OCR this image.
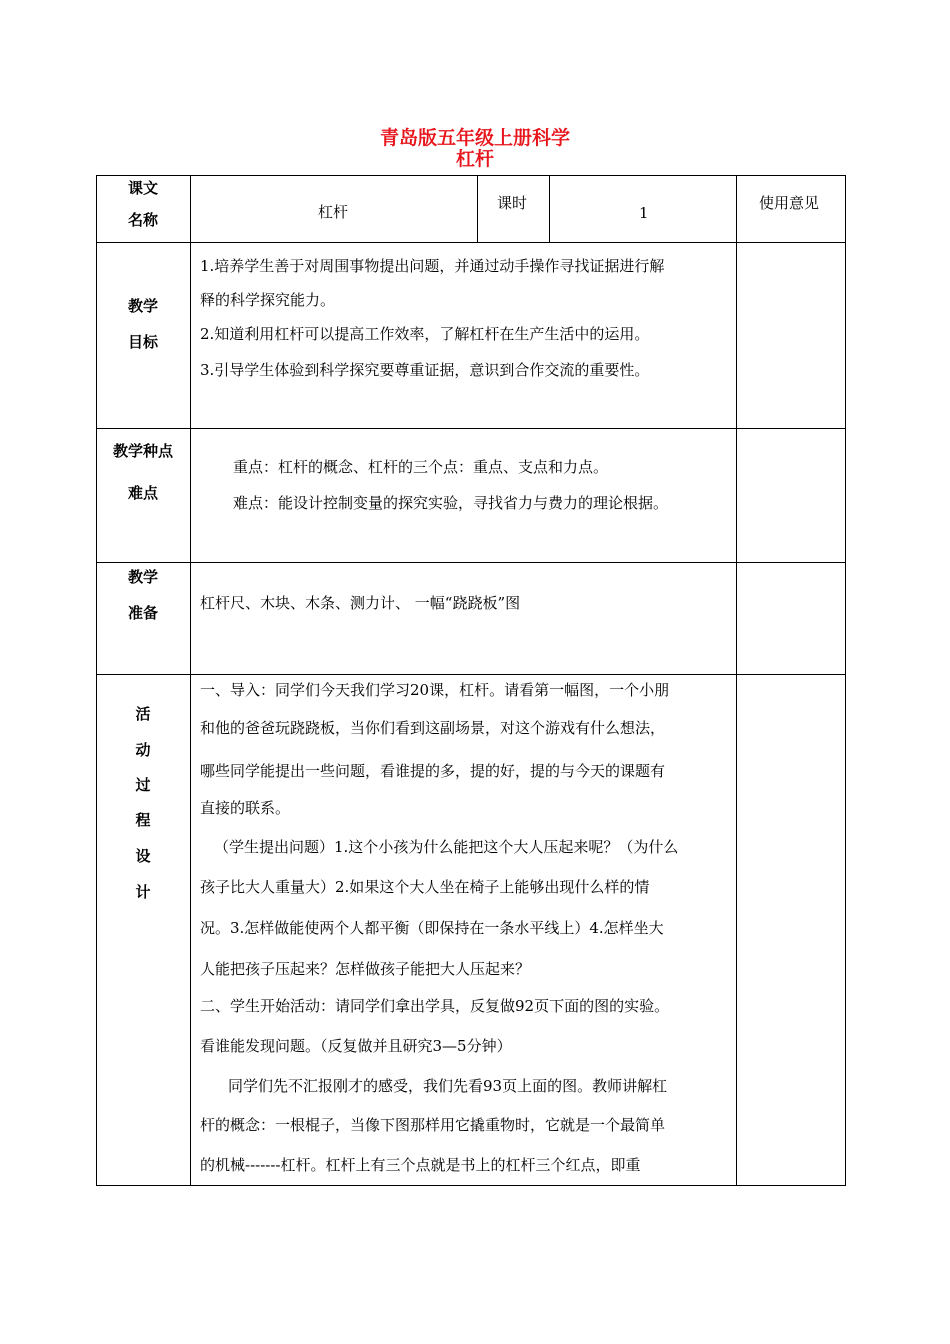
青岛版五年级上册科学
杠杆
课文
名称	杠杆	课时
1
使用意见
教学
目标
1.培养学生善于对周围事物提出问题，并通过动手操作寻找证据进行解
释的科学探究能力。
2.知道利用杠杆可以提高工作效率，了解杠杆在生产生活中的运用。
3.引导学生体验到科学探究要尊重证据，意识到合作交流的重要性。
教学种点
难点
重点：杠杆的概念、杠杆的三个点：重点、支点和力点。
难点：能设计控制变量的探究实验，寻找省力与费力的理论根据。
教学
准备
杠杆尺、木块、木条、测力计、 一幅“跷跷板”图
活
动
过
程
设
计
一、导入：同学们今天我们学习20课，杠杆。请看第一幅图，一个小朋
和他的爸爸玩跷跷板，当你们看到这副场景，对这个游戏有什么想法，
哪些同学能提出一些问题，看谁提的多，提的好，提的与今天的课题有
直接的联系。
（学生提出问题）1.这个小孩为什么能把这个大人压起来呢？（为什么
孩子比大人重量大）2.如果这个大人坐在椅子上能够出现什么样的情
况。3.怎样做能使两个人都平衡（即保持在一条水平线上）4.怎样坐大
人能把孩子压起来？怎样做孩子能把大人压起来？
二、学生开始活动：请同学们拿出学具，反复做92页下面的图的实验。
看谁能发现问题。（反复做并且研究3—5分钟）
同学们先不汇报刚才的感受，我们先看93页上面的图。教师讲解杠
杆的概念：一根棍子，当像下图那样用它撬重物时，它就是一个最简单
的机械-------杠杆。杠杆上有三个点就是书上的杠杆三个红点，即重
